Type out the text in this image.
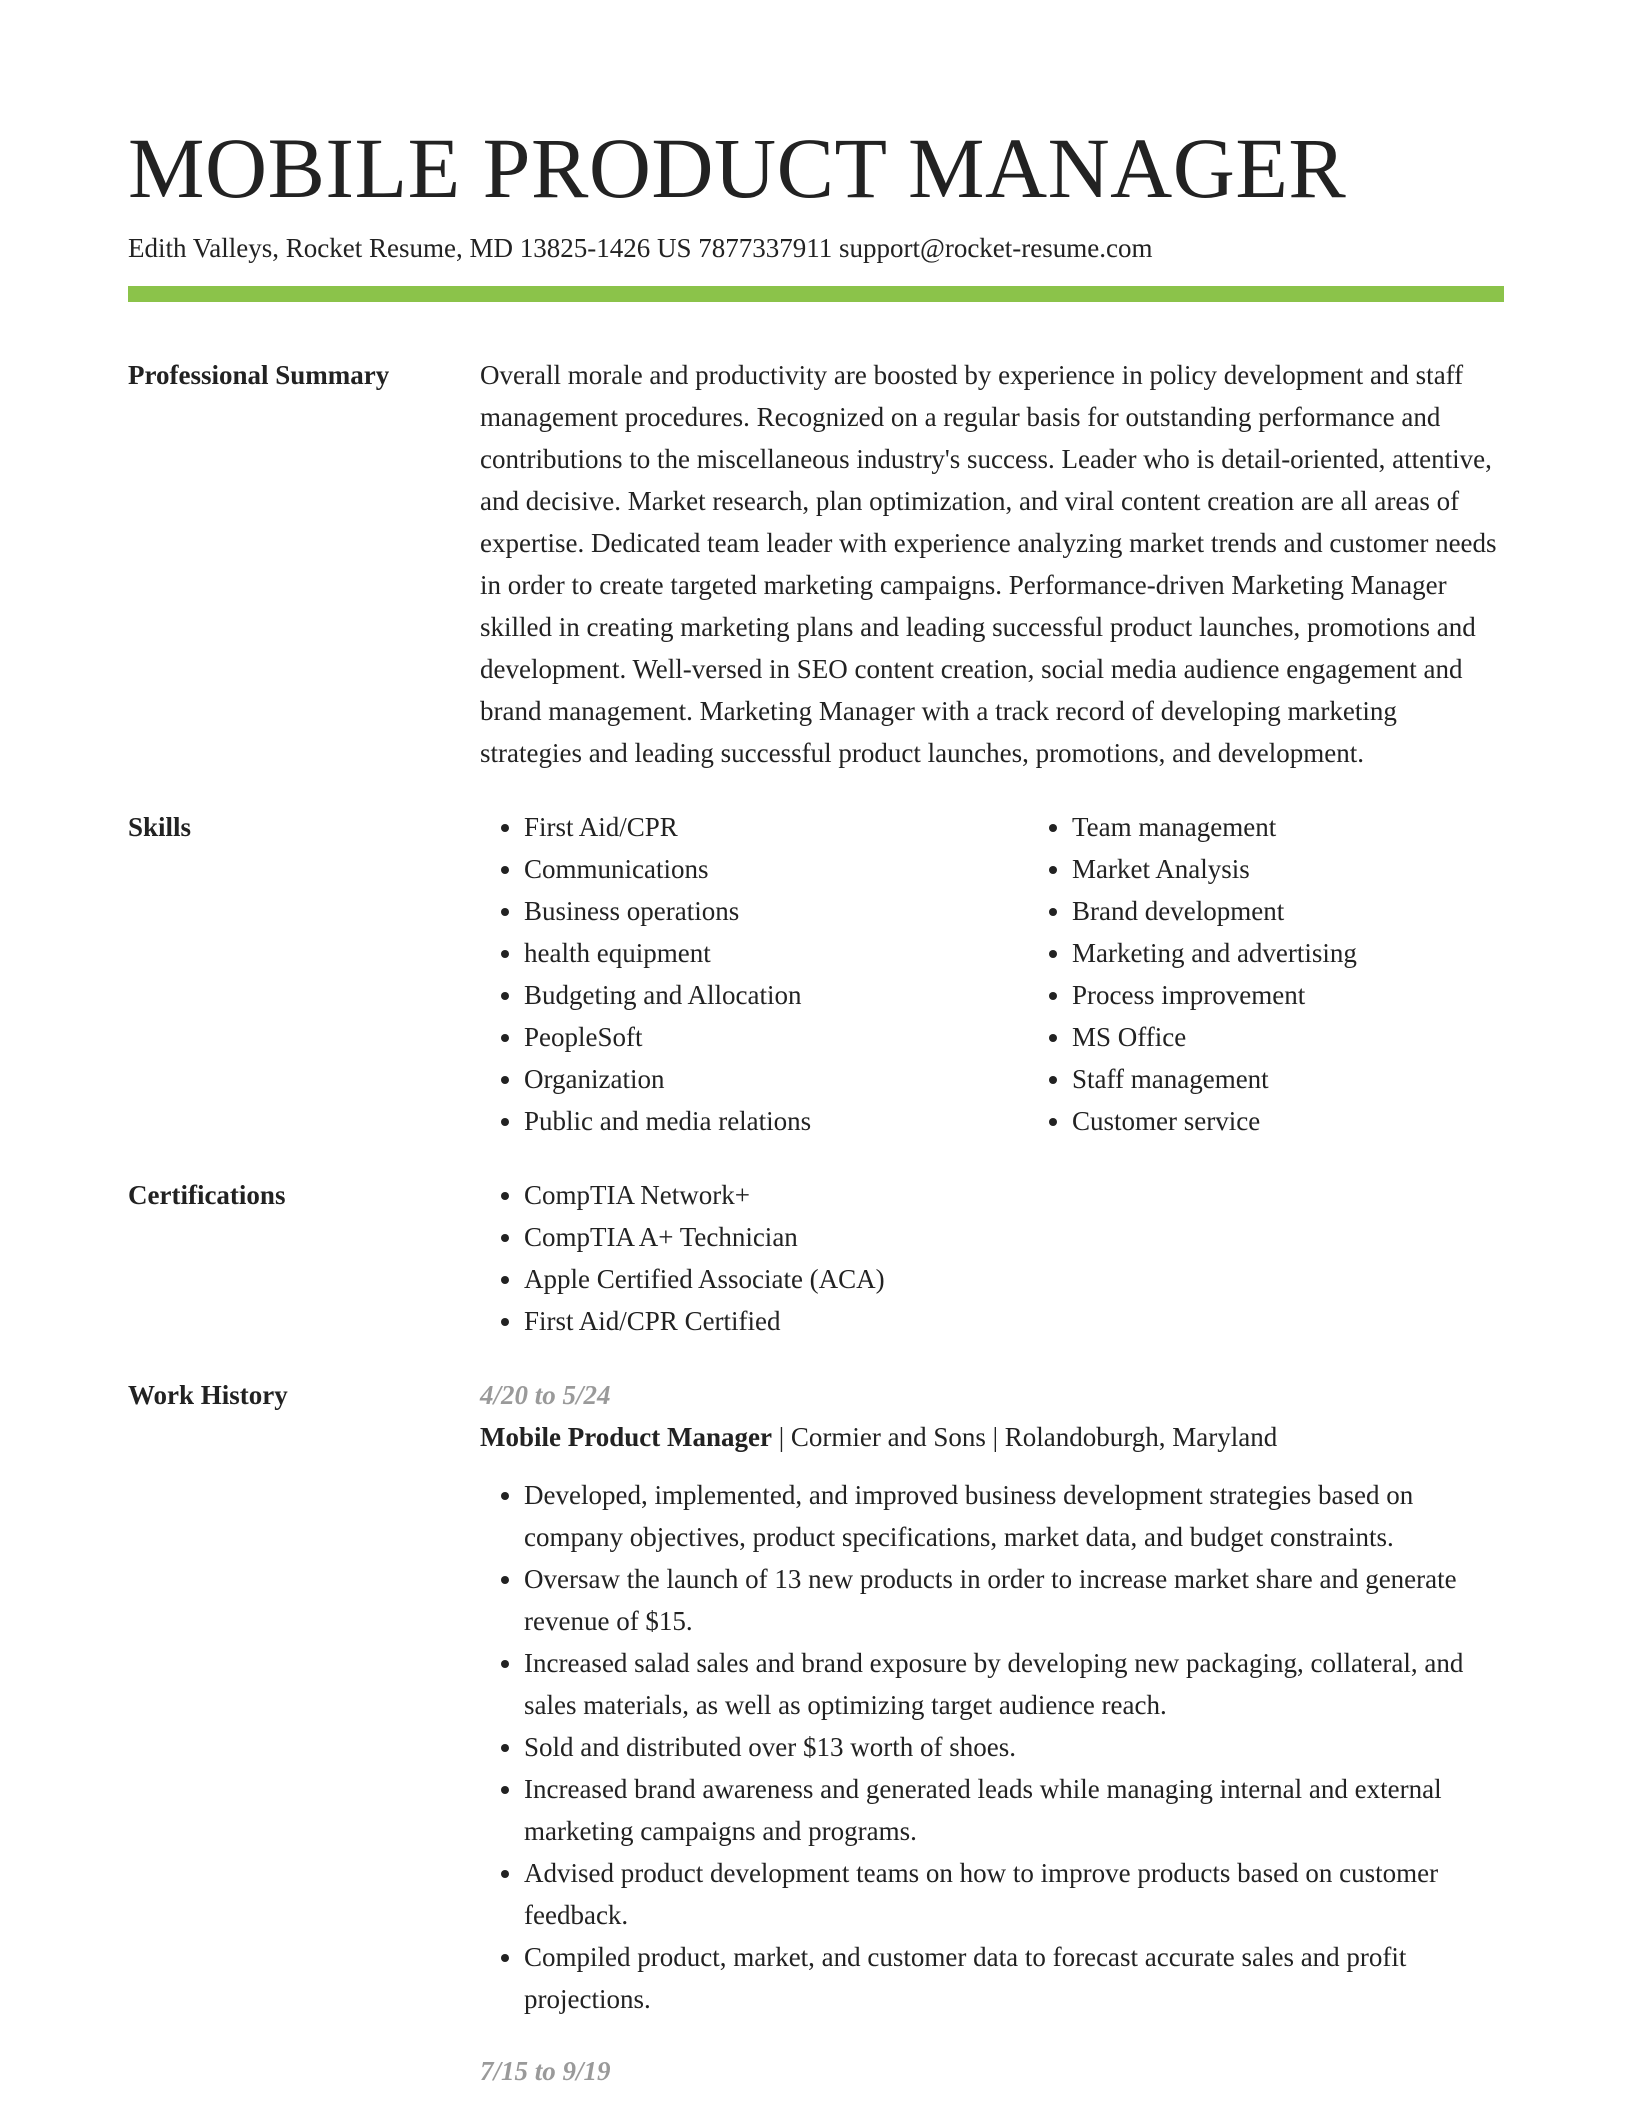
MOBILE PRODUCT MANAGER
Edith Valleys, Rocket Resume, MD 13825-1426 US 7877337911 support@rocket-resume.com
Professional Summary	Overall morale and productivity are boosted by experience in policy development and staff management procedures. Recognized on a regular basis for outstanding performance and contributions to the miscellaneous industry's success. Leader who is detail-oriented, attentive, and decisive. Market research, plan optimization, and viral content creation are all areas of expertise. Dedicated team leader with experience analyzing market trends and customer needs in order to create targeted marketing campaigns. Performance-driven Marketing Manager skilled in creating marketing plans and leading successful product launches, promotions and development. Well-versed in SEO content creation, social media audience engagement and brand management. Marketing Manager with a track record of developing marketing strategies and leading successful product launches, promotions, and development.

Skills	• First Aid/CPR
• Communications
• Business operations
• health equipment
• Budgeting and Allocation
• PeopleSoft
• Organization
• Public and media relations
• Team management
• Market Analysis
• Brand development
• Marketing and advertising
• Process improvement
• MS Office
• Staff management
• Customer service
Certifications	• CompTIA Network+
• CompTIA A+ Technician
• Apple Certified Associate (ACA)
• First Aid/CPR Certified
Work History	4/20 to 5/24
Mobile Product Manager | Cormier and Sons | Rolandoburgh, Maryland
• Developed, implemented, and improved business development strategies based on company objectives, product specifications, market data, and budget constraints.
• Oversaw the launch of 13 new products in order to increase market share and generate revenue of $15.
• Increased salad sales and brand exposure by developing new packaging, collateral, and sales materials, as well as optimizing target audience reach.
• Sold and distributed over $13 worth of shoes.
• Increased brand awareness and generated leads while managing internal and external marketing campaigns and programs.
• Advised product development teams on how to improve products based on customer feedback.
• Compiled product, market, and customer data to forecast accurate sales and profit projections.
7/15 to 9/19
